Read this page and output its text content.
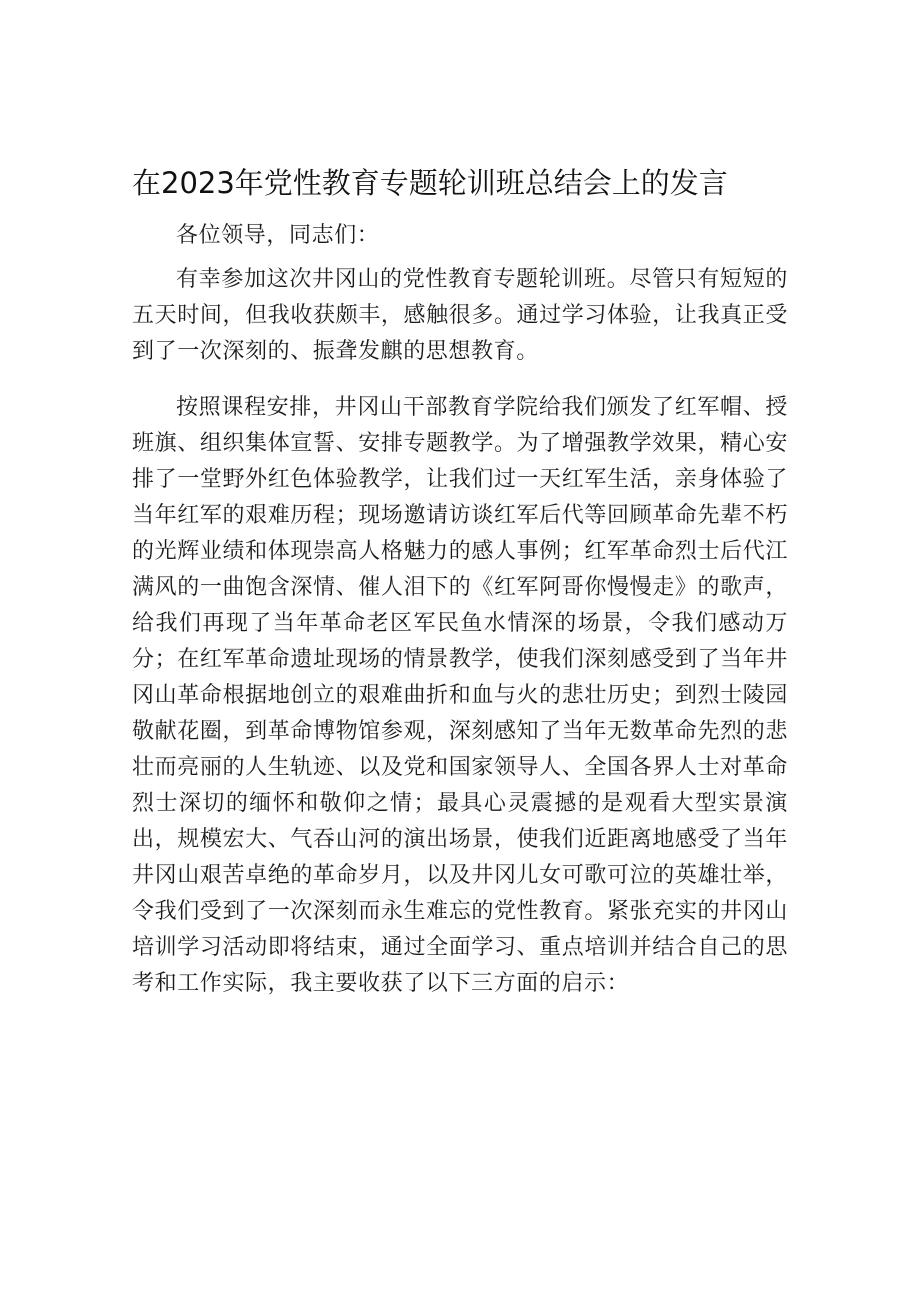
在2023年党性教育专题轮训班总结会上的发言

各位领导，同志们：

有幸参加这次井冈山的党性教育专题轮训班。尽管只有短短的五天时间，但我收获颇丰，感触很多。通过学习体验，让我真正受到了一次深刻的、振聋发麒的思想教育。

按照课程安排，井冈山干部教育学院给我们颁发了红军帽、授班旗、组织集体宣誓、安排专题教学。为了增强教学效果，精心安排了一堂野外红色体验教学，让我们过一天红军生活，亲身体验了当年红军的艰难历程；现场邀请访谈红军后代等回顾革命先辈不朽的光辉业绩和体现崇高人格魅力的感人事例；红军革命烈士后代江满风的一曲饱含深情、催人泪下的《红军阿哥你慢慢走》的歌声，给我们再现了当年革命老区军民鱼水情深的场景，令我们感动万分；在红军革命遗址现场的情景教学，使我们深刻感受到了当年井冈山革命根据地创立的艰难曲折和血与火的悲壮历史；到烈士陵园敬献花圈，到革命博物馆参观，深刻感知了当年无数革命先烈的悲壮而亮丽的人生轨迹、以及党和国家领导人、全国各界人士对革命烈士深切的缅怀和敬仰之情；最具心灵震撼的是观看大型实景演出，规模宏大、气吞山河的演出场景，使我们近距离地感受了当年井冈山艰苦卓绝的革命岁月，以及井冈儿女可歌可泣的英雄壮举，令我们受到了一次深刻而永生难忘的党性教育。紧张充实的井冈山培训学习活动即将结束，通过全面学习、重点培训并结合自己的思考和工作实际，我主要收获了以下三方面的启示：
